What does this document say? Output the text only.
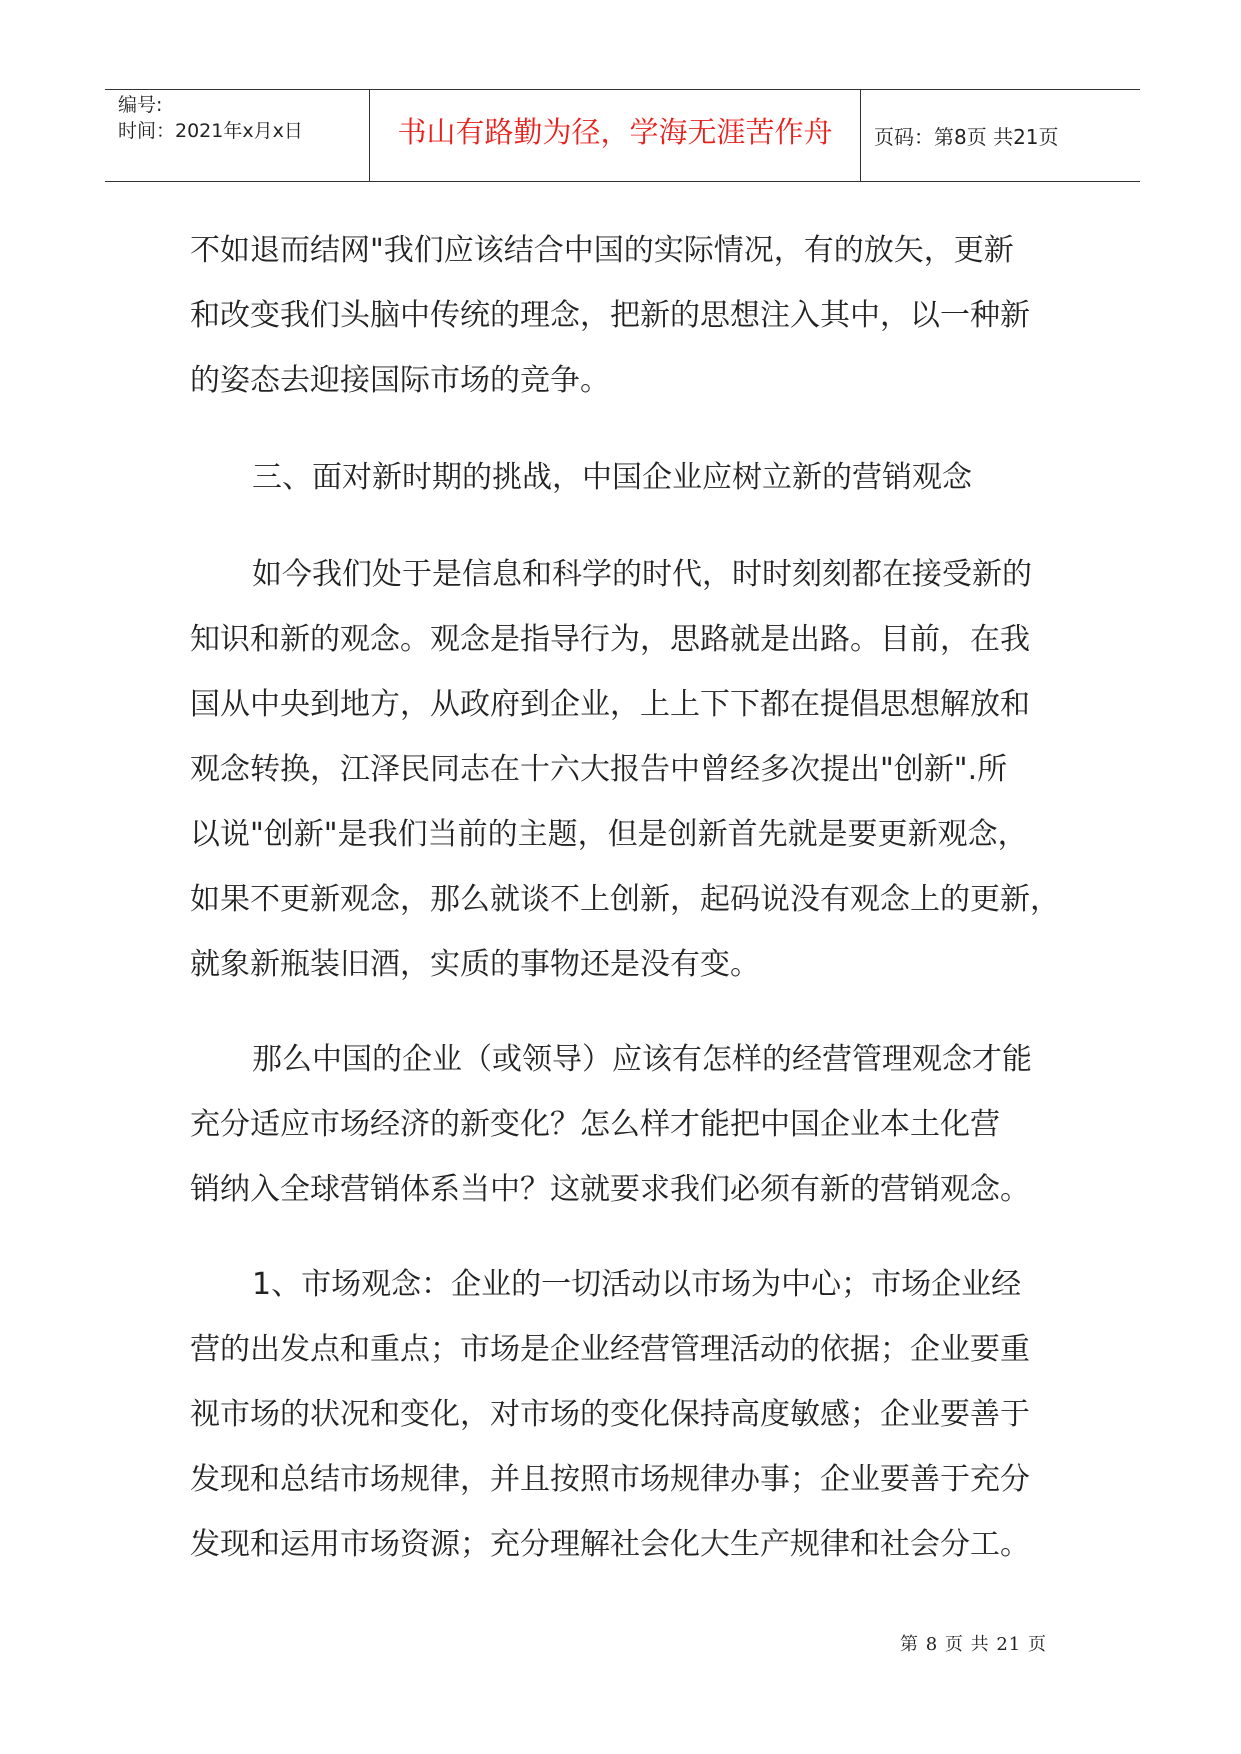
编号:
时间：2021年x月x日	书山有路勤为径，学海无涯苦作舟	页码：第8页 共21页

不如退而结网"我们应该结合中国的实际情况，有的放矢，更新
和改变我们头脑中传统的理念，把新的思想注入其中，以一种新
的姿态去迎接国际市场的竞争。

三、面对新时期的挑战，中国企业应树立新的营销观念

如今我们处于是信息和科学的时代，时时刻刻都在接受新的
知识和新的观念。观念是指导行为，思路就是出路。目前，在我
国从中央到地方，从政府到企业，上上下下都在提倡思想解放和
观念转换，江泽民同志在十六大报告中曾经多次提出"创新".所
以说"创新"是我们当前的主题，但是创新首先就是要更新观念，
如果不更新观念，那么就谈不上创新，起码说没有观念上的更新，
就象新瓶装旧酒，实质的事物还是没有变。

那么中国的企业（或领导）应该有怎样的经营管理观念才能
充分适应市场经济的新变化？怎么样才能把中国企业本土化营
销纳入全球营销体系当中？这就要求我们必须有新的营销观念。

1、市场观念：企业的一切活动以市场为中心；市场企业经
营的出发点和重点；市场是企业经营管理活动的依据；企业要重
视市场的状况和变化，对市场的变化保持高度敏感；企业要善于
发现和总结市场规律，并且按照市场规律办事；企业要善于充分
发现和运用市场资源；充分理解社会化大生产规律和社会分工。

第 8 页 共 21 页
